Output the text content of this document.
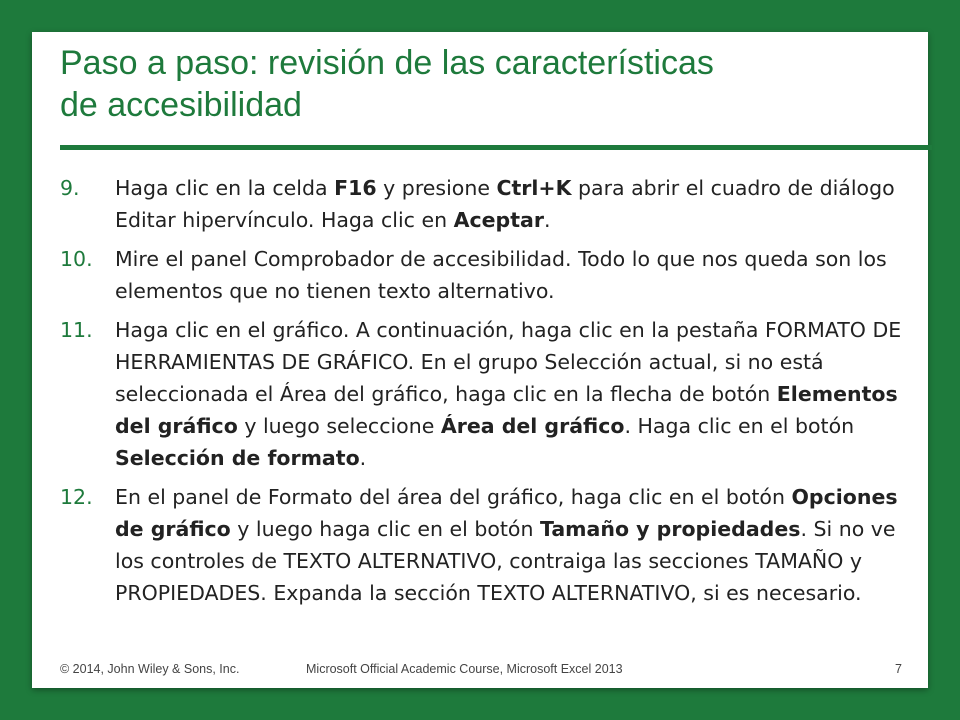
Paso a paso: revisión de las características
de accesibilidad
9.	Haga clic en la celda F16 y presione Ctrl+K para abrir el cuadro de diálogo Editar hipervínculo. Haga clic en Aceptar.
10.	Mire el panel Comprobador de accesibilidad. Todo lo que nos queda son los elementos que no tienen texto alternativo.
11.	Haga clic en el gráfico. A continuación, haga clic en la pestaña FORMATO DE HERRAMIENTAS DE GRÁFICO. En el grupo Selección actual, si no está seleccionada el Área del gráfico, haga clic en la flecha de botón Elementos del gráfico y luego seleccione Área del gráfico. Haga clic en el botón Selección de formato.
12.	En el panel de Formato del área del gráfico, haga clic en el botón Opciones de gráfico y luego haga clic en el botón Tamaño y propiedades. Si no ve los controles de TEXTO ALTERNATIVO, contraiga las secciones TAMAÑO y PROPIEDADES. Expanda la sección TEXTO ALTERNATIVO, si es necesario.
© 2014, John Wiley & Sons, Inc.	Microsoft Official Academic Course, Microsoft Excel 2013	7
